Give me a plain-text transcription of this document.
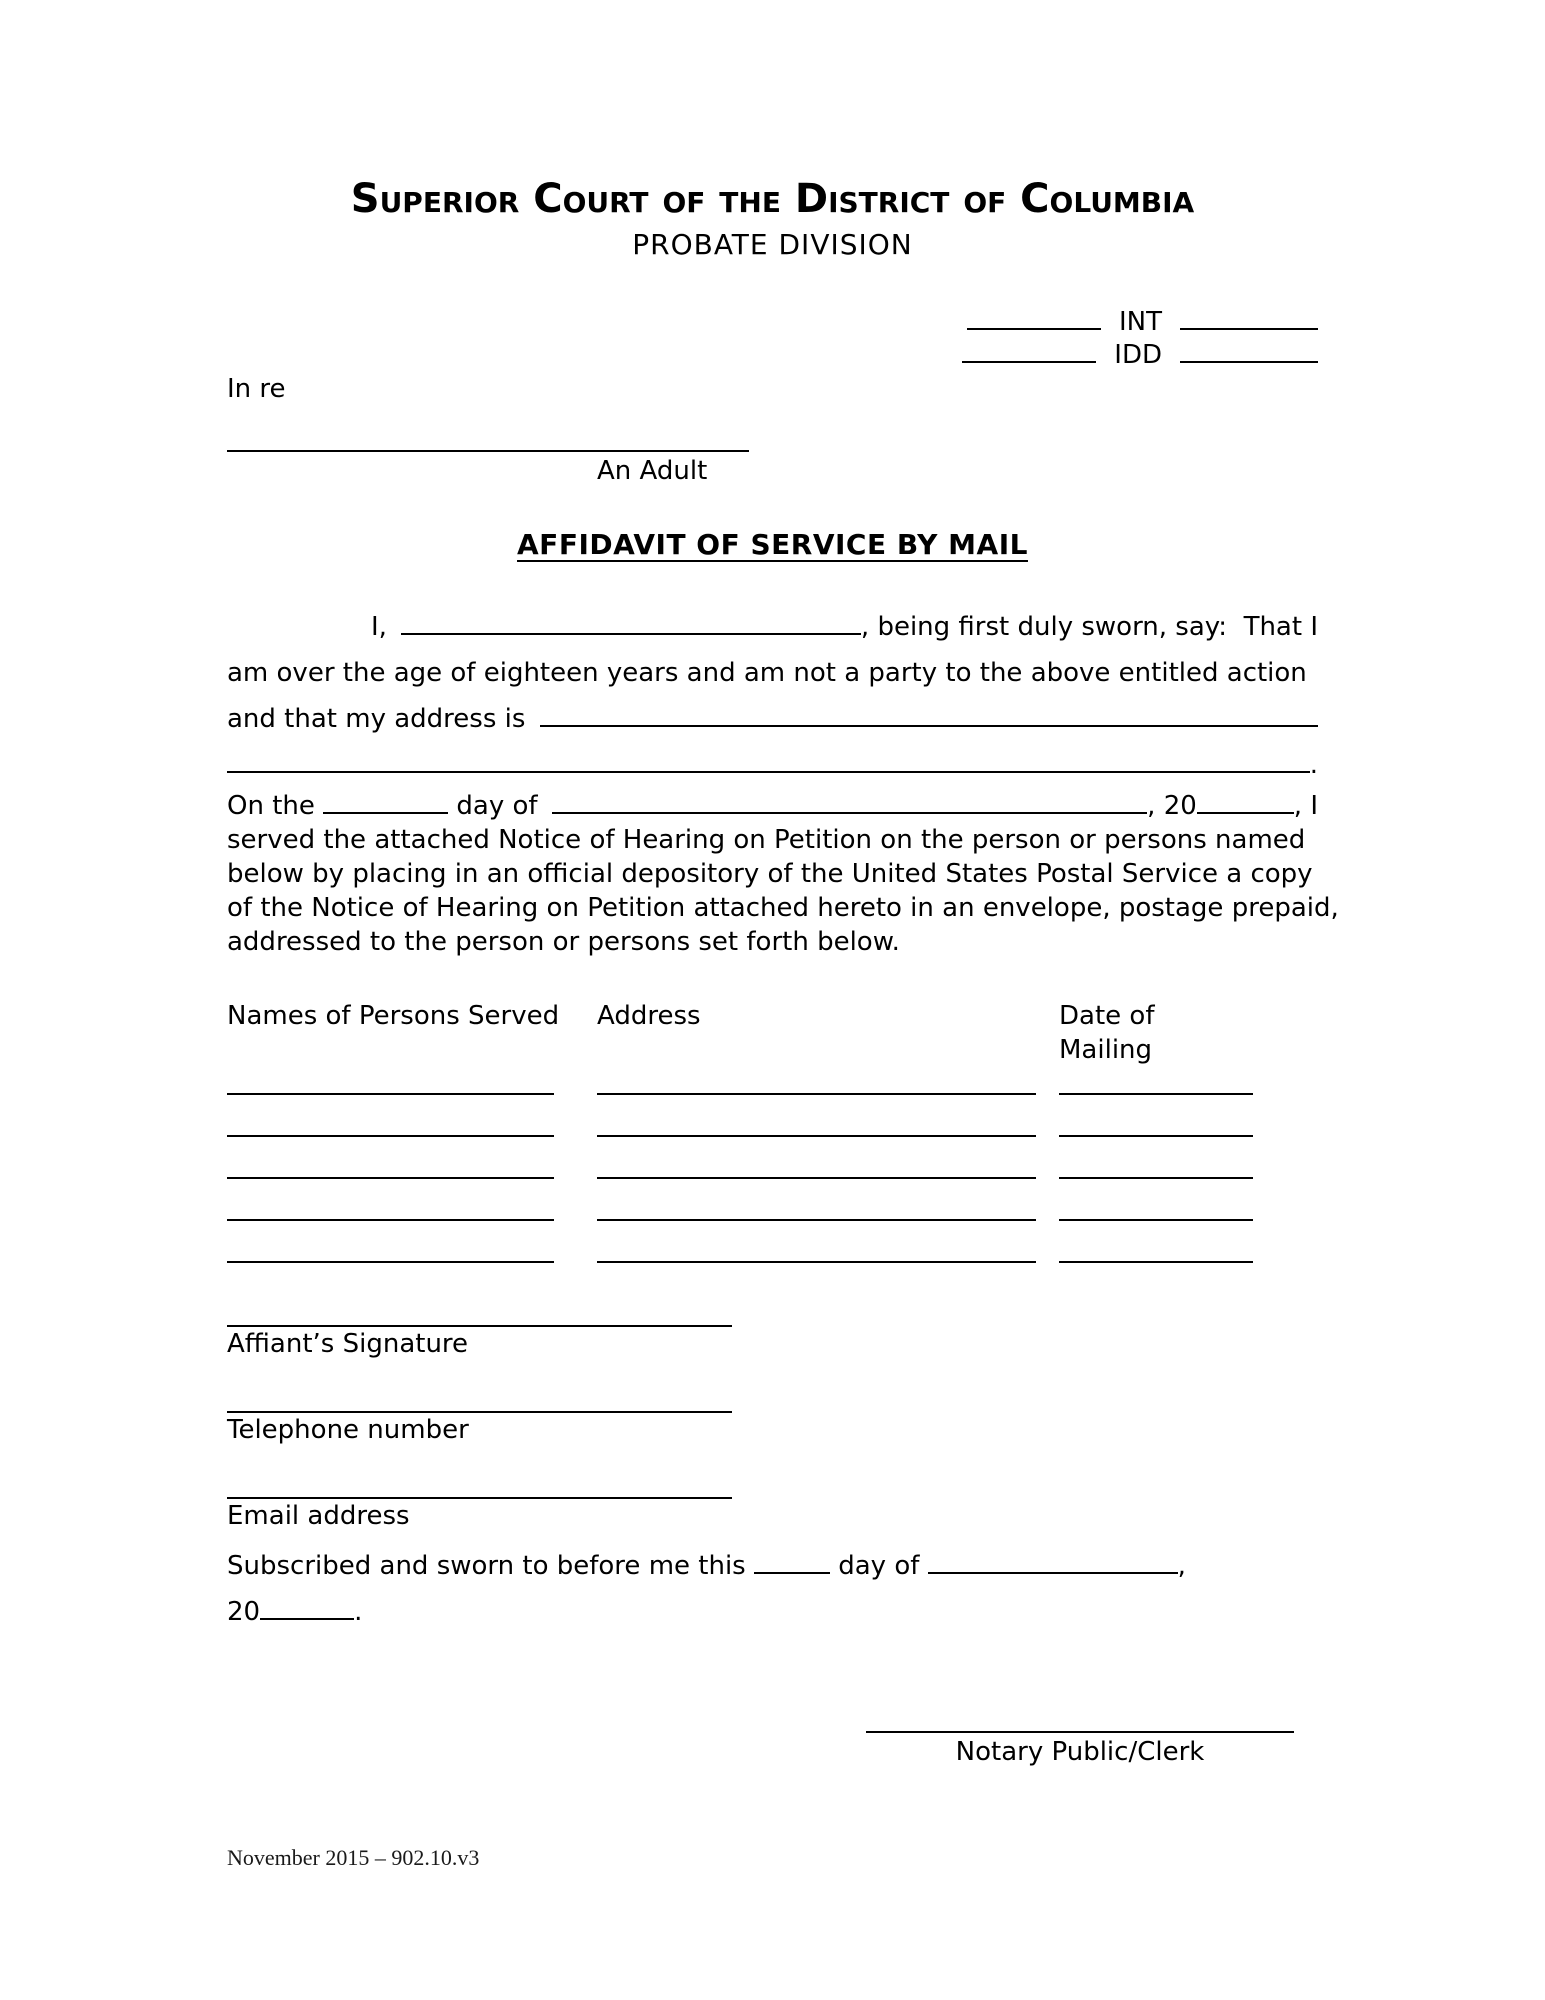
Superior Court of the District of Columbia
PROBATE DIVISION
INT
IDD
In re
An Adult
AFFIDAVIT OF SERVICE BY MAIL
I,	, being first duly sworn, say:  That I
am over the age of eighteen years and am not a party to the above entitled action
and that my address is
.
On the	day of	, 20	, I
served the attached Notice of Hearing on Petition on the person or persons named
below by placing in an official depository of the United States Postal Service a copy
of the Notice of Hearing on Petition attached hereto in an envelope, postage prepaid,
addressed to the person or persons set forth below.
Names of Persons Served	Address	Date of
Mailing
Affiant’s Signature
Telephone number
Email address
Subscribed and sworn to before me this	day of	,
20	.
Notary Public/Clerk
November 2015 – 902.10.v3
